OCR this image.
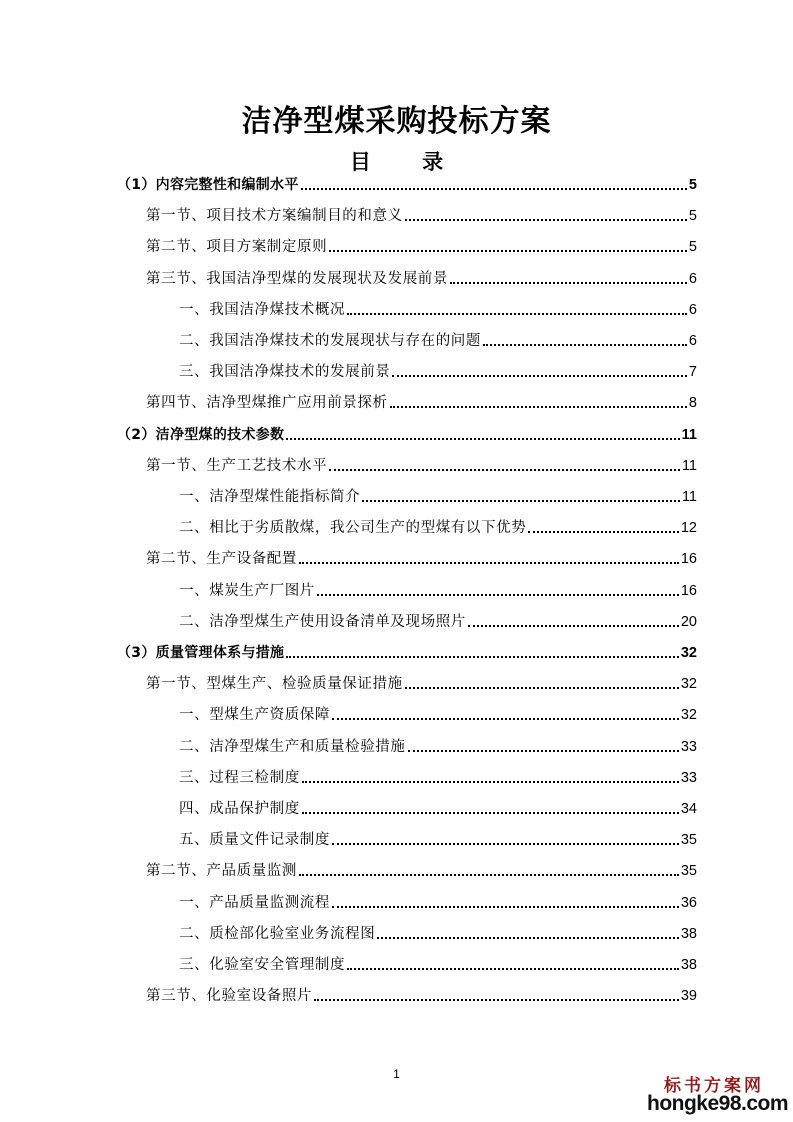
洁净型煤采购投标方案
目 录
（1）内容完整性和编制水平	5
第一节、项目技术方案编制目的和意义	5
第二节、项目方案制定原则	5
第三节、我国洁净型煤的发展现状及发展前景	6
一、我国洁净煤技术概况	6
二、我国洁净煤技术的发展现状与存在的问题	6
三、我国洁净煤技术的发展前景	7
第四节、洁净型煤推广应用前景探析	8
（2）洁净型煤的技术参数	11
第一节、生产工艺技术水平	11
一、洁净型煤性能指标简介	11
二、相比于劣质散煤，我公司生产的型煤有以下优势	12
第二节、生产设备配置	16
一、煤炭生产厂图片	16
二、洁净型煤生产使用设备清单及现场照片	20
（3）质量管理体系与措施	32
第一节、型煤生产、检验质量保证措施	32
一、型煤生产资质保障	32
二、洁净型煤生产和质量检验措施	33
三、过程三检制度	33
四、成品保护制度	34
五、质量文件记录制度	35
第二节、产品质量监测	35
一、产品质量监测流程	36
二、质检部化验室业务流程图	38
三、化验室安全管理制度	38
第三节、化验室设备照片	39
1
标书方案网
hongke98.com
